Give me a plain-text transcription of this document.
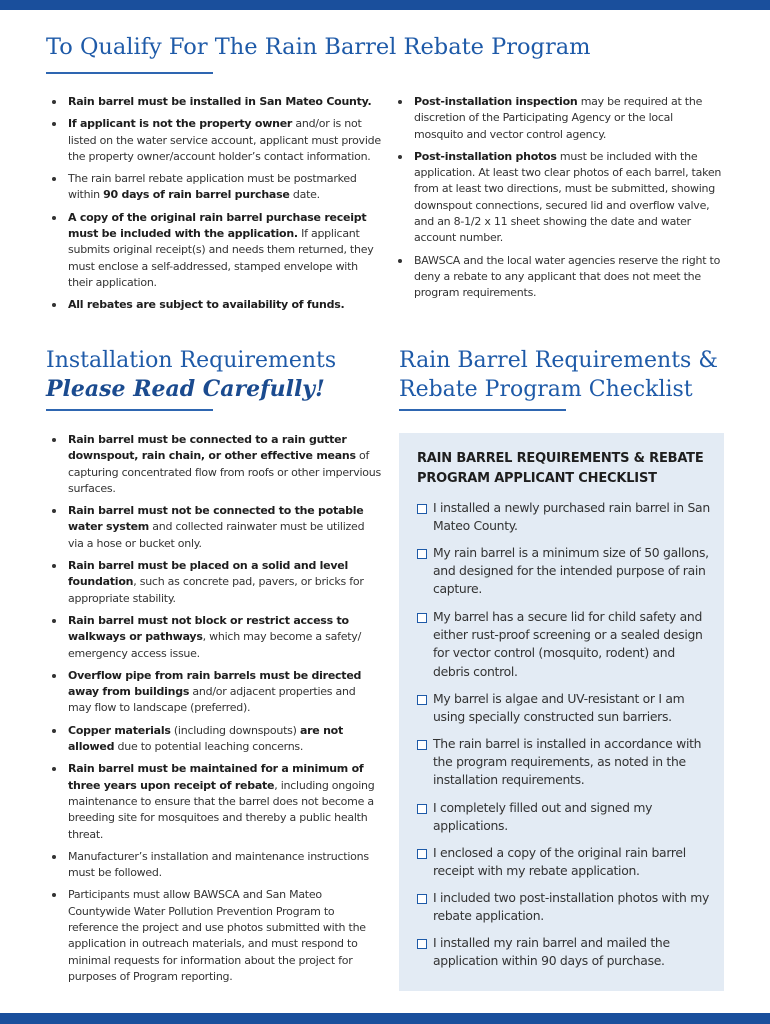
To Qualify For The Rain Barrel Rebate Program
Rain barrel must be installed in San Mateo County.
If applicant is not the property owner and/or is not listed on the water service account, applicant must provide the property owner/account holder’s contact information.
The rain barrel rebate application must be postmarked within 90 days of rain barrel purchase date.
A copy of the original rain barrel purchase receipt must be included with the application. If applicant submits original receipt(s) and needs them returned, they must enclose a self-addressed, stamped envelope with their application.
All rebates are subject to availability of funds.
Post-installation inspection may be required at the discretion of the Participating Agency or the local mosquito and vector control agency.
Post-installation photos must be included with the application. At least two clear photos of each barrel, taken from at least two directions, must be submitted, showing downspout connections, secured lid and overflow valve, and an 8-1/2 x 11 sheet showing the date and water account number.
BAWSCA and the local water agencies reserve the right to deny a rebate to any applicant that does not meet the program requirements.
Installation Requirements
Please Read Carefully!
Rain barrel must be connected to a rain gutter downspout, rain chain, or other effective means of capturing concentrated flow from roofs or other impervious surfaces.
Rain barrel must not be connected to the potable water system and collected rainwater must be utilized via a hose or bucket only.
Rain barrel must be placed on a solid and level foundation, such as concrete pad, pavers, or bricks for appropriate stability.
Rain barrel must not block or restrict access to walkways or pathways, which may become a safety/ emergency access issue.
Overflow pipe from rain barrels must be directed away from buildings and/or adjacent properties and may flow to landscape (preferred).
Copper materials (including downspouts) are not allowed due to potential leaching concerns.
Rain barrel must be maintained for a minimum of three years upon receipt of rebate, including ongoing maintenance to ensure that the barrel does not become a breeding site for mosquitoes and thereby a public health threat.
Manufacturer’s installation and maintenance instructions must be followed.
Participants must allow BAWSCA and San Mateo Countywide Water Pollution Prevention Program to reference the project and use photos submitted with the application in outreach materials, and must respond to minimal requests for information about the project for purposes of Program reporting.
Rain Barrel Requirements &
Rebate Program Checklist
RAIN BARREL REQUIREMENTS & REBATE PROGRAM APPLICANT CHECKLIST
I installed a newly purchased rain barrel in San Mateo County.
My rain barrel is a minimum size of 50 gallons, and designed for the intended purpose of rain capture.
My barrel has a secure lid for child safety and either rust-proof screening or a sealed design for vector control (mosquito, rodent) and debris control.
My barrel is algae and UV-resistant or I am using specially constructed sun barriers.
The rain barrel is installed in accordance with the program requirements, as noted in the installation requirements.
I completely filled out and signed my applications.
I enclosed a copy of the original rain barrel receipt with my rebate application.
I included two post-installation photos with my rebate application.
I installed my rain barrel and mailed the application within 90 days of purchase.
